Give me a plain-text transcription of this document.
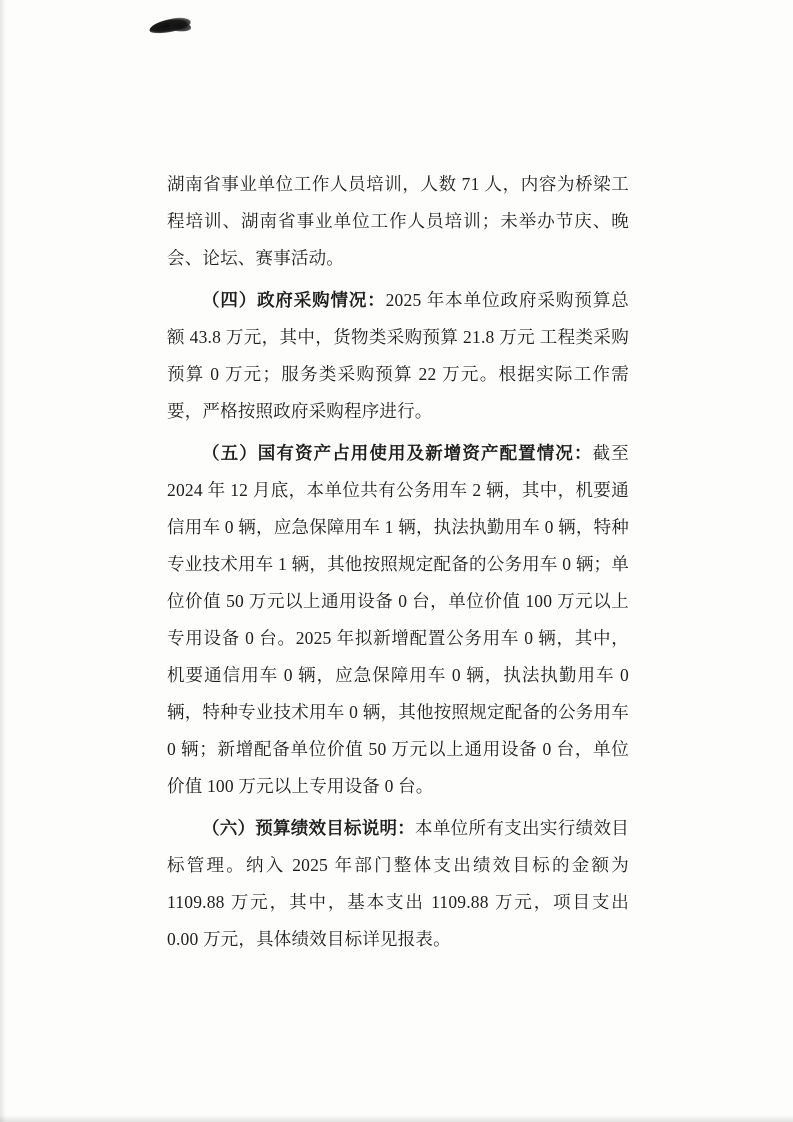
湖南省事业单位工作人员培训，人数 71 人，内容为桥梁工程培训、湖南省事业单位工作人员培训；未举办节庆、晚会、论坛、赛事活动。

（四）政府采购情况：2025 年本单位政府采购预算总额 43.8 万元，其中，货物类采购预算 21.8 万元 工程类采购预算 0 万元；服务类采购预算 22 万元。根据实际工作需要，严格按照政府采购程序进行。

（五）国有资产占用使用及新增资产配置情况：截至 2024 年 12 月底，本单位共有公务用车 2 辆，其中，机要通信用车 0 辆，应急保障用车 1 辆，执法执勤用车 0 辆，特种专业技术用车 1 辆，其他按照规定配备的公务用车 0 辆；单位价值 50 万元以上通用设备 0 台，单位价值 100 万元以上专用设备 0 台。2025 年拟新增配置公务用车 0 辆，其中，机要通信用车 0 辆，应急保障用车 0 辆，执法执勤用车 0 辆，特种专业技术用车 0 辆，其他按照规定配备的公务用车 0 辆；新增配备单位价值 50 万元以上通用设备 0 台，单位价值 100 万元以上专用设备 0 台。

（六）预算绩效目标说明：本单位所有支出实行绩效目标管理。纳入 2025 年部门整体支出绩效目标的金额为 1109.88 万元，其中，基本支出 1109.88 万元，项目支出 0.00 万元，具体绩效目标详见报表。
